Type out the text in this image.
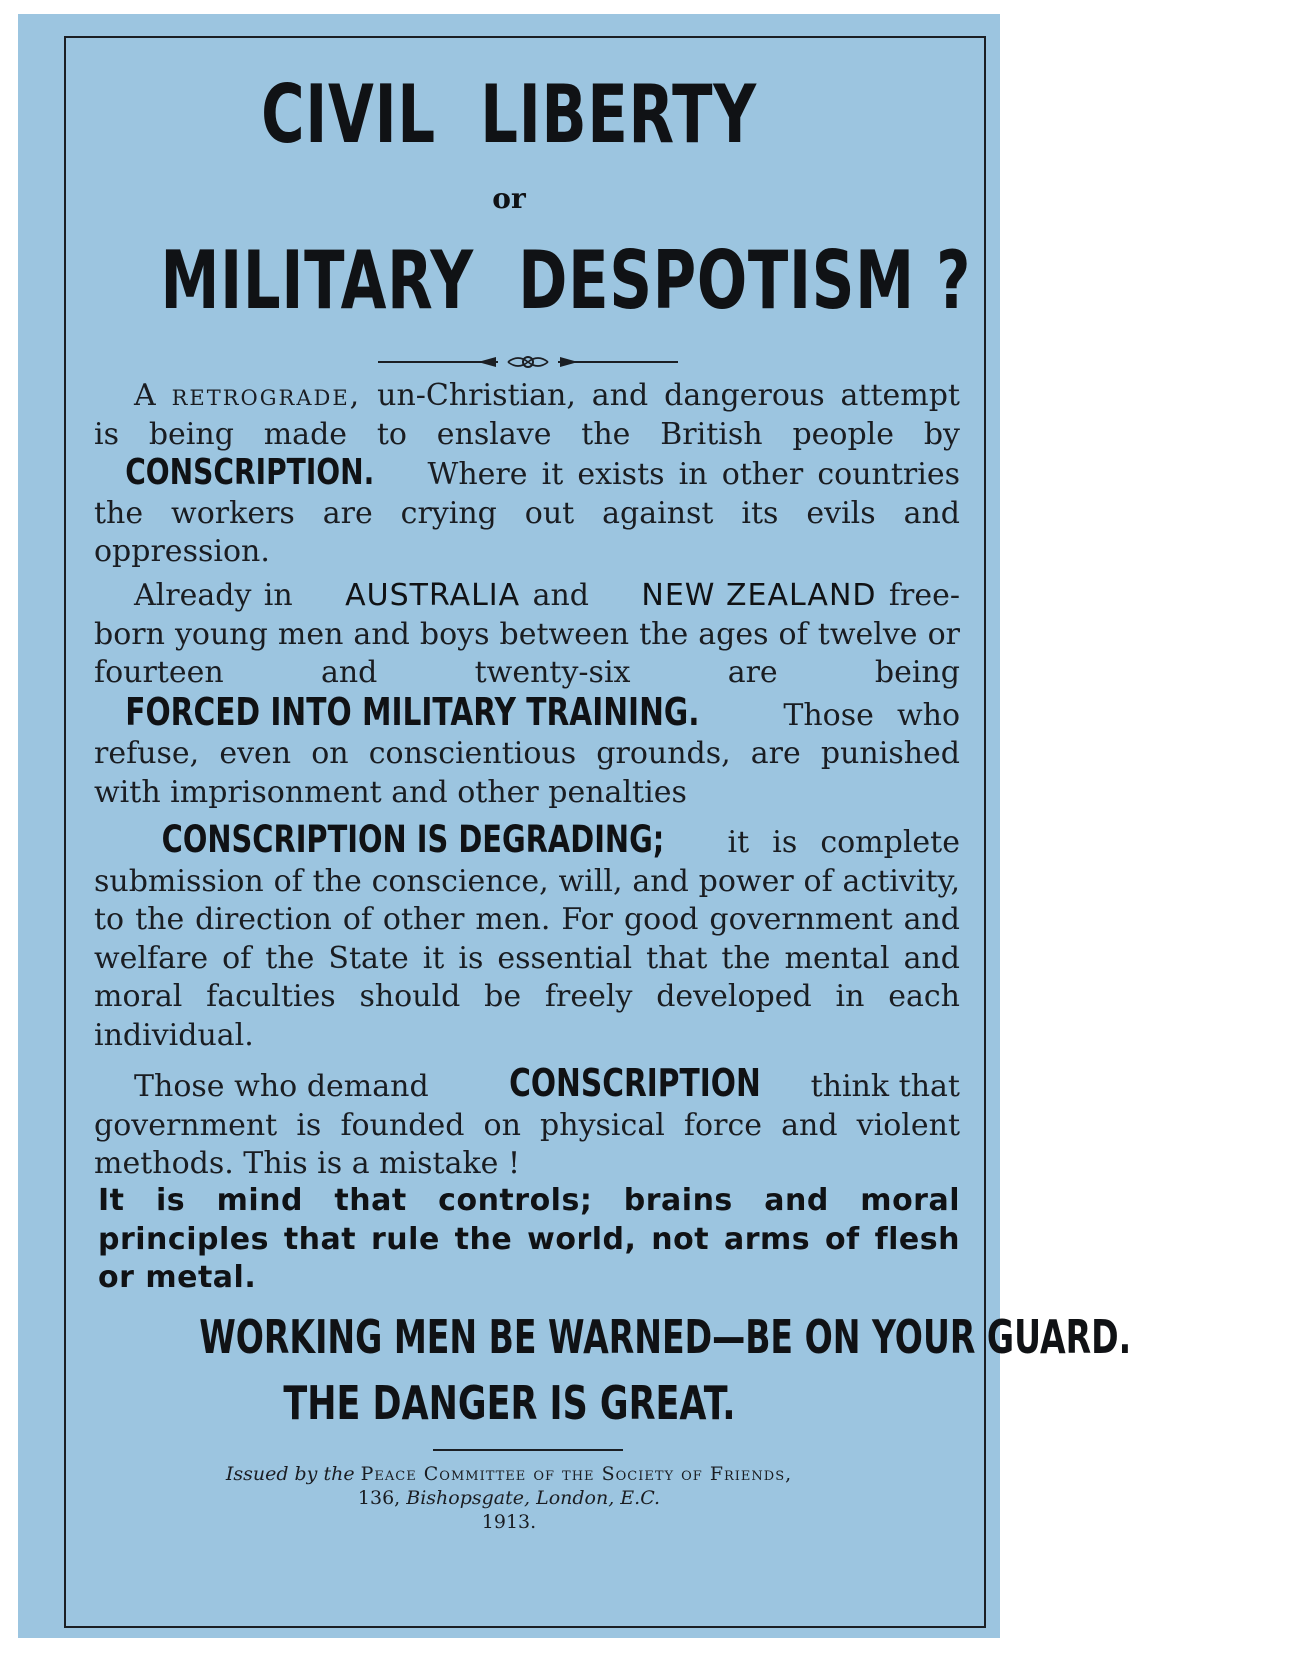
CIVIL LIBERTY
or
MILITARY DESPOTISM ?
A retrograde, un-Christian, and dangerous attempt is being made to enslave the British people by CONSCRIPTION. Where it exists in other countries the workers are crying out against its evils and oppression.
Already in AUSTRALIA and NEW ZEALAND free-born young men and boys between the ages of twelve or fourteen and twenty-six are being FORCED INTO MILITARY TRAINING.	Those who refuse, even on conscientious grounds, are punished with imprisonment and other penalties
CONSCRIPTION IS DEGRADING; it is complete submission of the conscience, will, and power of activity, to the direction of other men. For good government and welfare of the State it is essential that the mental and moral faculties should be freely developed in each individual.
Those who demand CONSCRIPTION think that government is founded on physical force and violent methods. This is a mistake !
It is mind that controls; brains and moral principles that rule the world, not arms of flesh or metal.
WORKING MEN BE WARNED—BE ON YOUR GUARD.
THE DANGER IS GREAT.
Issued by the Peace Committee of the Society of Friends,
136, Bishopsgate, London, E.C.
1913.
